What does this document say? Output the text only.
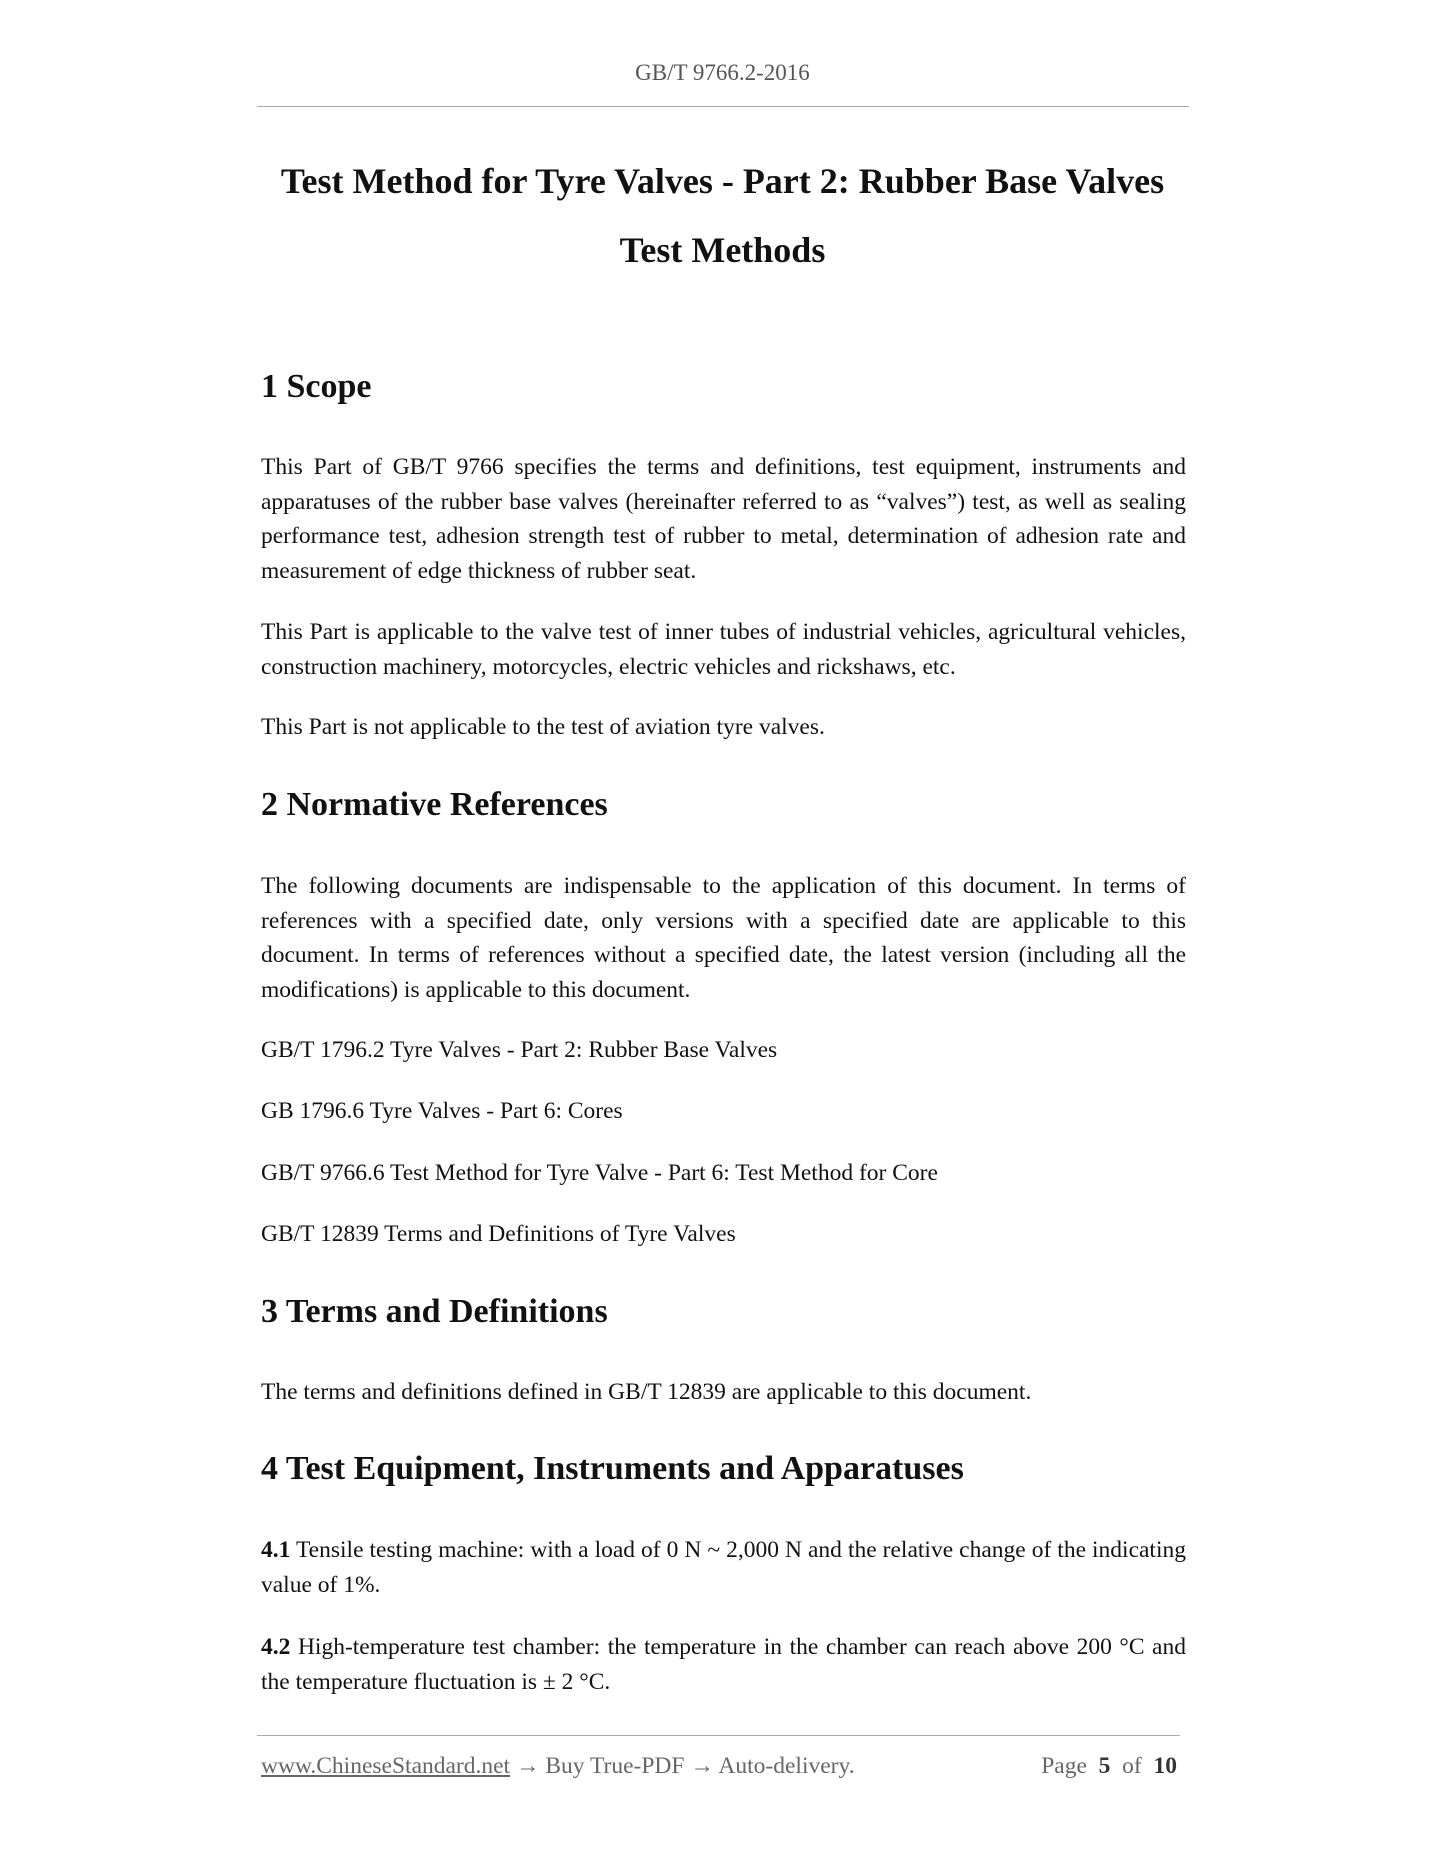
GB/T 9766.2-2016
Test Method for Tyre Valves - Part 2: Rubber Base Valves
Test Methods
1 Scope
This Part of GB/T 9766 specifies the terms and definitions, test equipment, instruments and apparatuses of the rubber base valves (hereinafter referred to as “valves”) test, as well as sealing performance test, adhesion strength test of rubber to metal, determination of adhesion rate and measurement of edge thickness of rubber seat.
This Part is applicable to the valve test of inner tubes of industrial vehicles, agricultural vehicles, construction machinery, motorcycles, electric vehicles and rickshaws, etc.
This Part is not applicable to the test of aviation tyre valves.
2 Normative References
The following documents are indispensable to the application of this document. In terms of references with a specified date, only versions with a specified date are applicable to this document. In terms of references without a specified date, the latest version (including all the modifications) is applicable to this document.
GB/T 1796.2 Tyre Valves - Part 2: Rubber Base Valves
GB 1796.6 Tyre Valves - Part 6: Cores
GB/T 9766.6 Test Method for Tyre Valve - Part 6: Test Method for Core
GB/T 12839 Terms and Definitions of Tyre Valves
3 Terms and Definitions
The terms and definitions defined in GB/T 12839 are applicable to this document.
4 Test Equipment, Instruments and Apparatuses
4.1 Tensile testing machine: with a load of 0 N ~ 2,000 N and the relative change of the indicating value of 1%.
4.2 High-temperature test chamber: the temperature in the chamber can reach above 200 °C and the temperature fluctuation is ± 2 °C.
www.ChineseStandard.net → Buy True-PDF → Auto-delivery.	Page 5 of 10
